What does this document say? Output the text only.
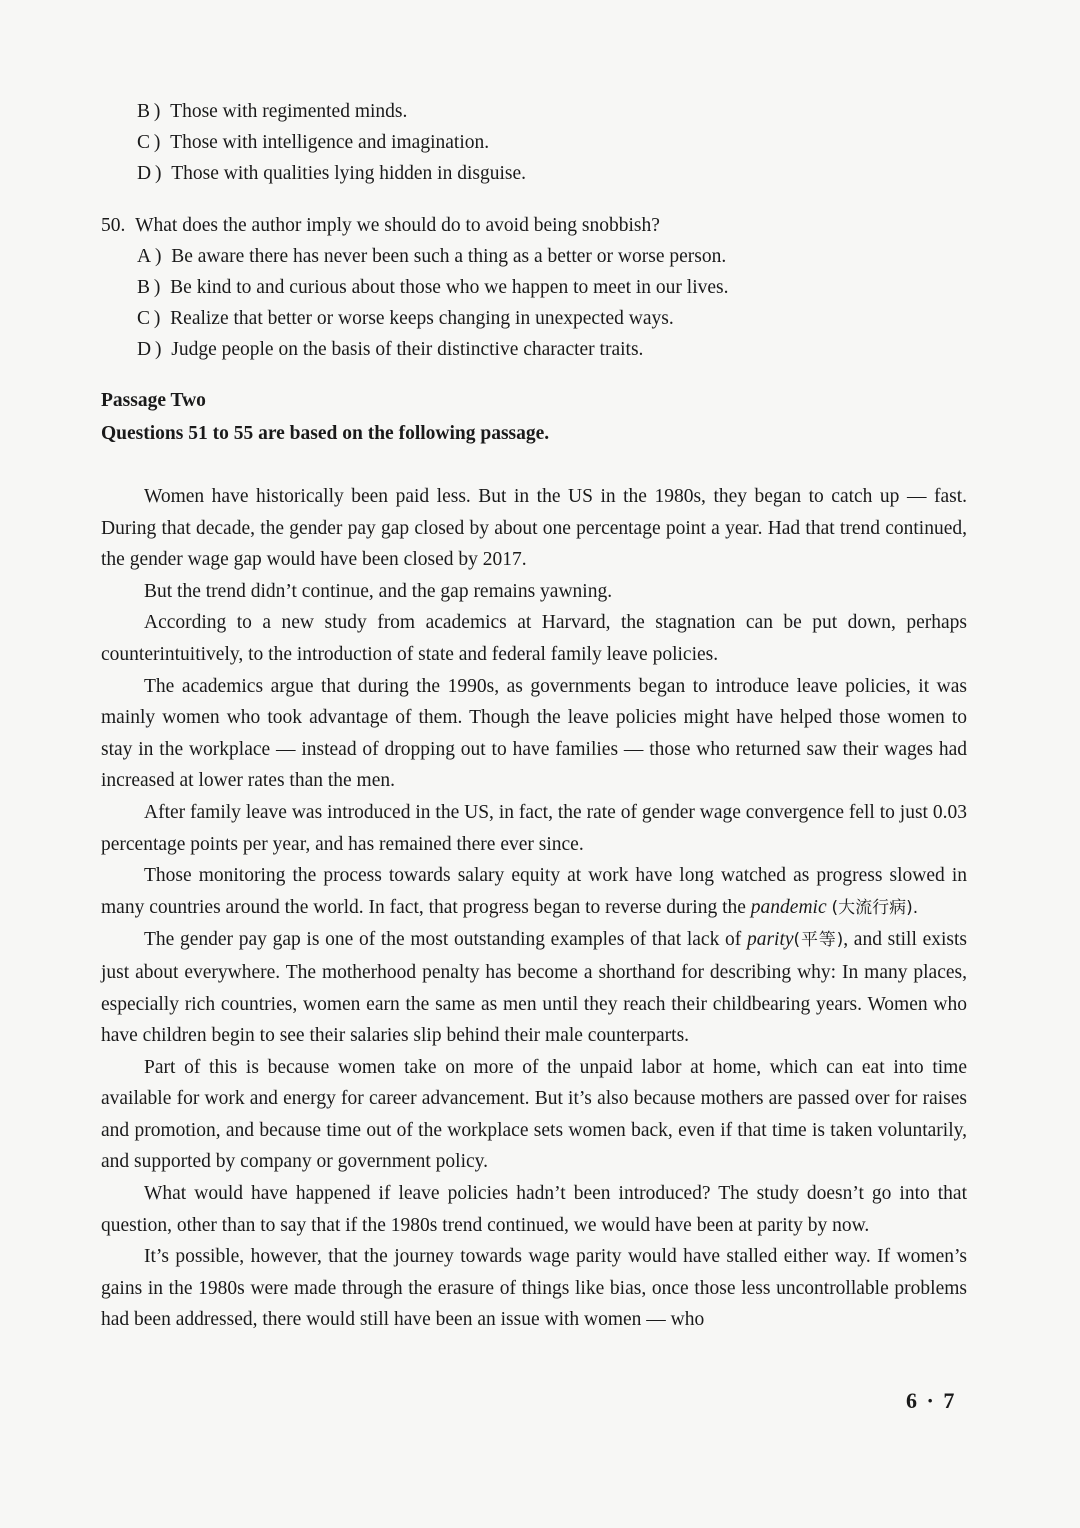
B ) Those with regimented minds.
C ) Those with intelligence and imagination.
D ) Those with qualities lying hidden in disguise.
50. What does the author imply we should do to avoid being snobbish?
A ) Be aware there has never been such a thing as a better or worse person.
B ) Be kind to and curious about those who we happen to meet in our lives.
C ) Realize that better or worse keeps changing in unexpected ways.
D ) Judge people on the basis of their distinctive character traits.
Passage Two
Questions 51 to 55 are based on the following passage.

Women have historically been paid less. But in the US in the 1980s, they began to catch up — fast. During that decade, the gender pay gap closed by about one percentage point a year. Had that trend continued, the gender wage gap would have been closed by 2017.

But the trend didn’t continue, and the gap remains yawning.

According to a new study from academics at Harvard, the stagnation can be put down, perhaps counterintuitively, to the introduction of state and federal family leave policies.

The academics argue that during the 1990s, as governments began to introduce leave policies, it was mainly women who took advantage of them. Though the leave policies might have helped those women to stay in the workplace — instead of dropping out to have families — those who returned saw their wages had increased at lower rates than the men.

After family leave was introduced in the US, in fact, the rate of gender wage convergence fell to just 0.03 percentage points per year, and has remained there ever since.

Those monitoring the process towards salary equity at work have long watched as progress slowed in many countries around the world. In fact, that progress began to reverse during the pandemic (大流行病).

The gender pay gap is one of the most outstanding examples of that lack of parity(平等), and still exists just about everywhere. The motherhood penalty has become a shorthand for describing why: In many places, especially rich countries, women earn the same as men until they reach their childbearing years. Women who have children begin to see their salaries slip behind their male counterparts.

Part of this is because women take on more of the unpaid labor at home, which can eat into time available for work and energy for career advancement. But it’s also because mothers are passed over for raises and promotion, and because time out of the workplace sets women back, even if that time is taken voluntarily, and supported by company or government policy.

What would have happened if leave policies hadn’t been introduced? The study doesn’t go into that question, other than to say that if the 1980s trend continued, we would have been at parity by now.

It’s possible, however, that the journey towards wage parity would have stalled either way. If women’s gains in the 1980s were made through the erasure of things like bias, once those less uncontrollable problems had been addressed, there would still have been an issue with women — who

6 · 7
